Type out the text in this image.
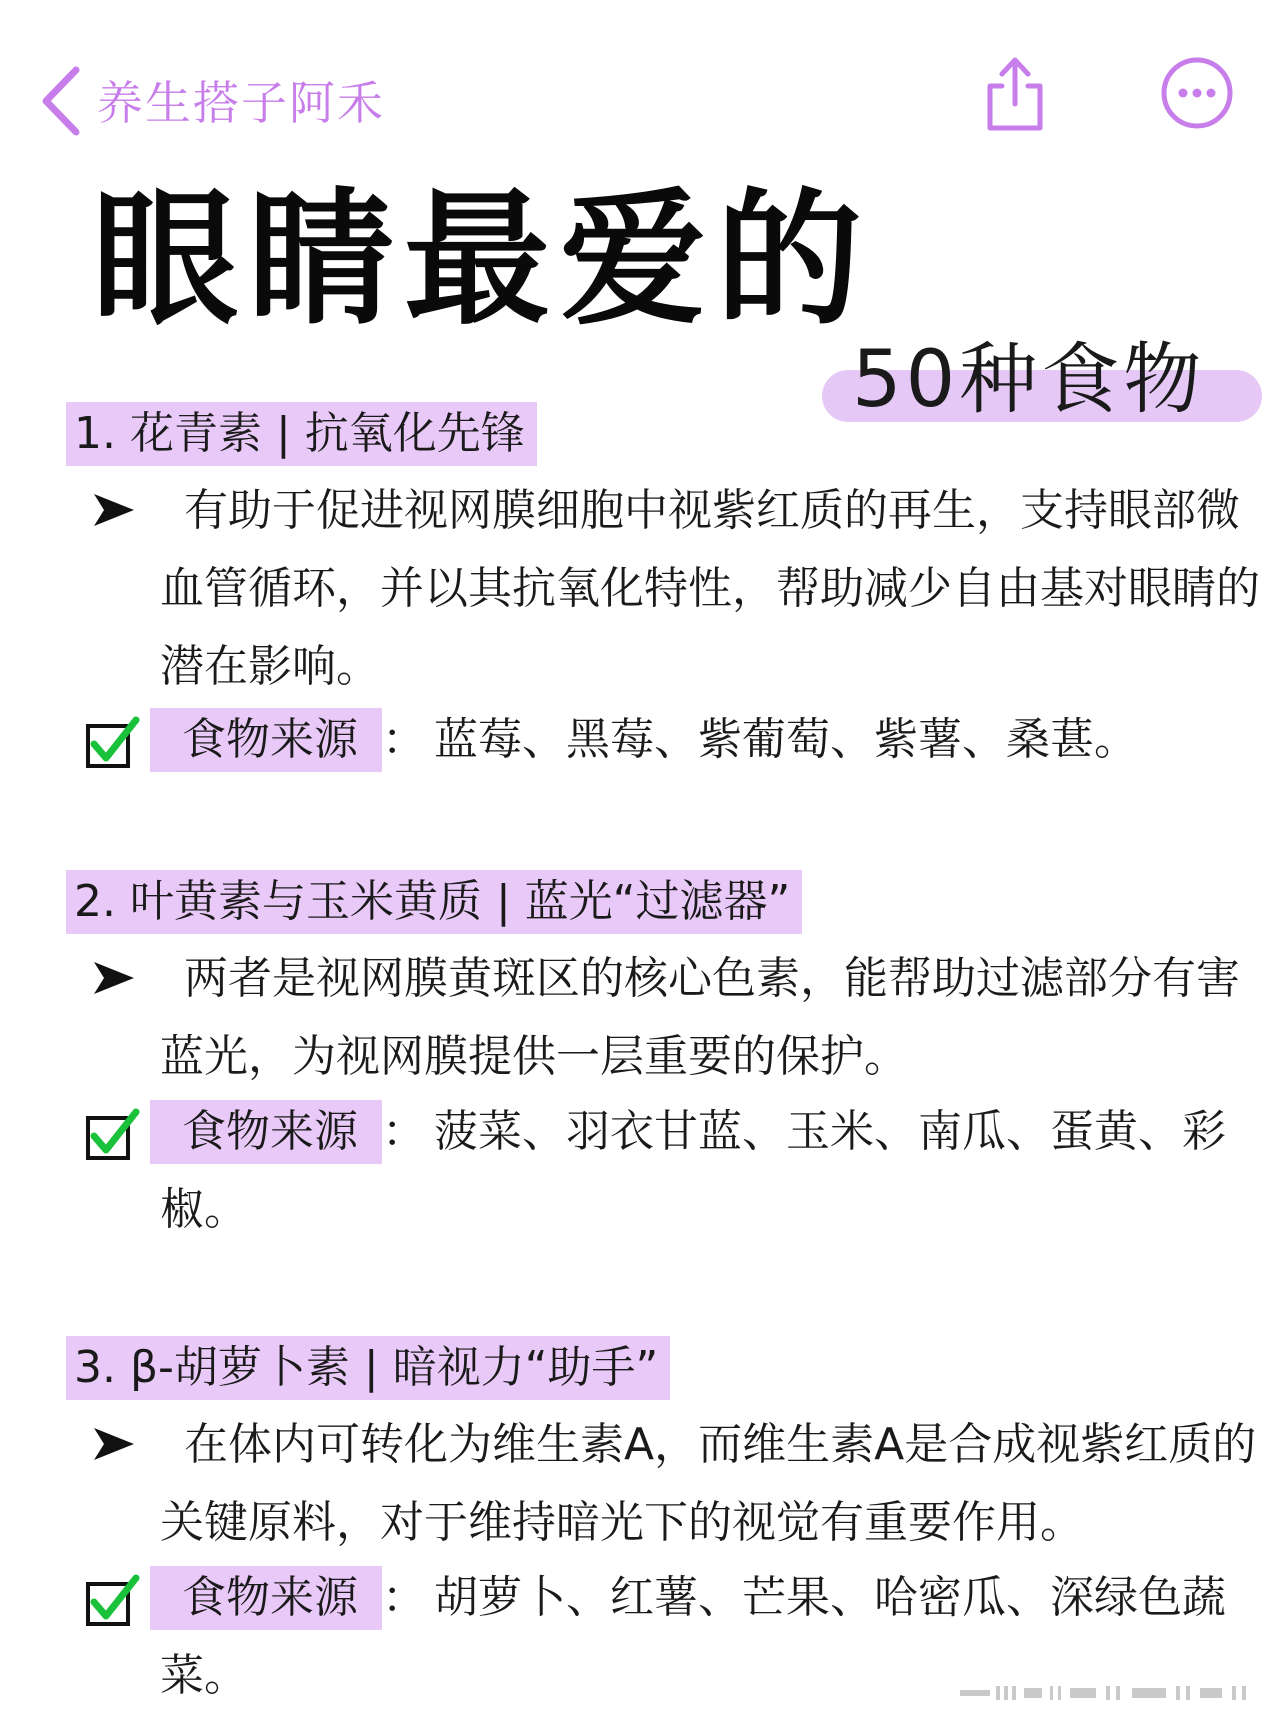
养生搭子阿禾
眼睛最爱的
50种食物
1. 花青素 | 抗氧化先锋
有助于促进视网膜细胞中视紫红质的再生，支持眼部微血管循环，并以其抗氧化特性，帮助减少自由基对眼睛的潜在影响。
食物来源 ： 蓝莓、黑莓、紫葡萄、紫薯、桑葚。
2. 叶黄素与玉米黄质 | 蓝光“过滤器”
两者是视网膜黄斑区的核心色素，能帮助过滤部分有害蓝光，为视网膜提供一层重要的保护。
食物来源 ： 菠菜、羽衣甘蓝、玉米、南瓜、蛋黄、彩椒。
3. β-胡萝卜素 | 暗视力“助手”
在体内可转化为维生素A，而维生素A是合成视紫红质的关键原料，对于维持暗光下的视觉有重要作用。
食物来源 ： 胡萝卜、红薯、芒果、哈密瓜、深绿色蔬菜。
